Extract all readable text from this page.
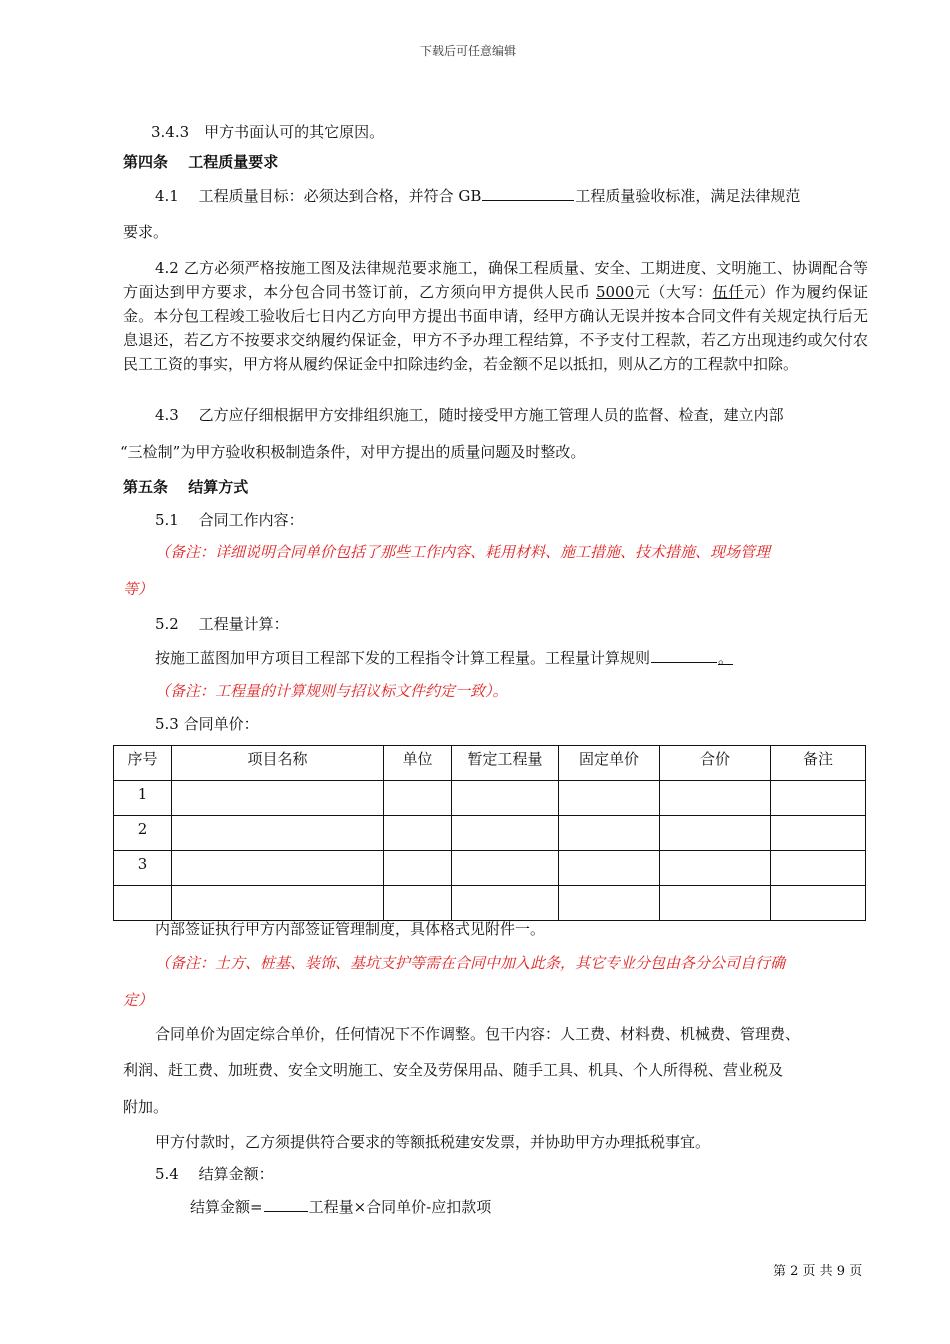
下载后可任意编辑
3.4.3　甲方书面认可的其它原因。
第四条　 工程质量要求
4.1　 工程质量目标：必须达到合格，并符合 GB	工程质量验收标准，满足法律规范
要求。
4.2 乙方必须严格按施工图及法律规范要求施工，确保工程质量、安全、工期进度、文明施工、协调配合等方面达到甲方要求，本分包合同书签订前，乙方须向甲方提供人民币 5000元（大写：伍仟元）作为履约保证金。本分包工程竣工验收后七日内乙方向甲方提出书面申请，经甲方确认无误并按本合同文件有关规定执行后无息退还，若乙方不按要求交纳履约保证金，甲方不予办理工程结算，不予支付工程款，若乙方出现违约或欠付农民工工资的事实，甲方将从履约保证金中扣除违约金，若金额不足以抵扣，则从乙方的工程款中扣除。
4.3　 乙方应仔细根据甲方安排组织施工，随时接受甲方施工管理人员的监督、检查，建立内部
“三检制”为甲方验收积极制造条件，对甲方提出的质量问题及时整改。
第五条　 结算方式
5.1　 合同工作内容：
（备注：详细说明合同单价包括了那些工作内容、耗用材料、施工措施、技术措施、现场管理
等）
5.2　 工程量计算：
按施工蓝图加甲方项目工程部下发的工程指令计算工程量。工程量计算规则	。
（备注：工程量的计算规则与招议标文件约定一致）。
5.3 合同单价：
序号	项目名称	单位	暂定工程量	固定单价	合价	备注
1						
2						
3						

内部签证执行甲方内部签证管理制度，具体格式见附件一。
（备注：土方、桩基、装饰、基坑支护等需在合同中加入此条，其它专业分包由各分公司自行确
定）
合同单价为固定综合单价，任何情况下不作调整。包干内容：人工费、材料费、机械费、管理费、
利润、赶工费、加班费、安全文明施工、安全及劳保用品、随手工具、机具、个人所得税、营业税及
附加。
甲方付款时，乙方须提供符合要求的等额抵税建安发票，并协助甲方办理抵税事宜。
5.4　 结算金额：
结算金额=	工程量×合同单价-应扣款项
第 2 页 共 9 页
